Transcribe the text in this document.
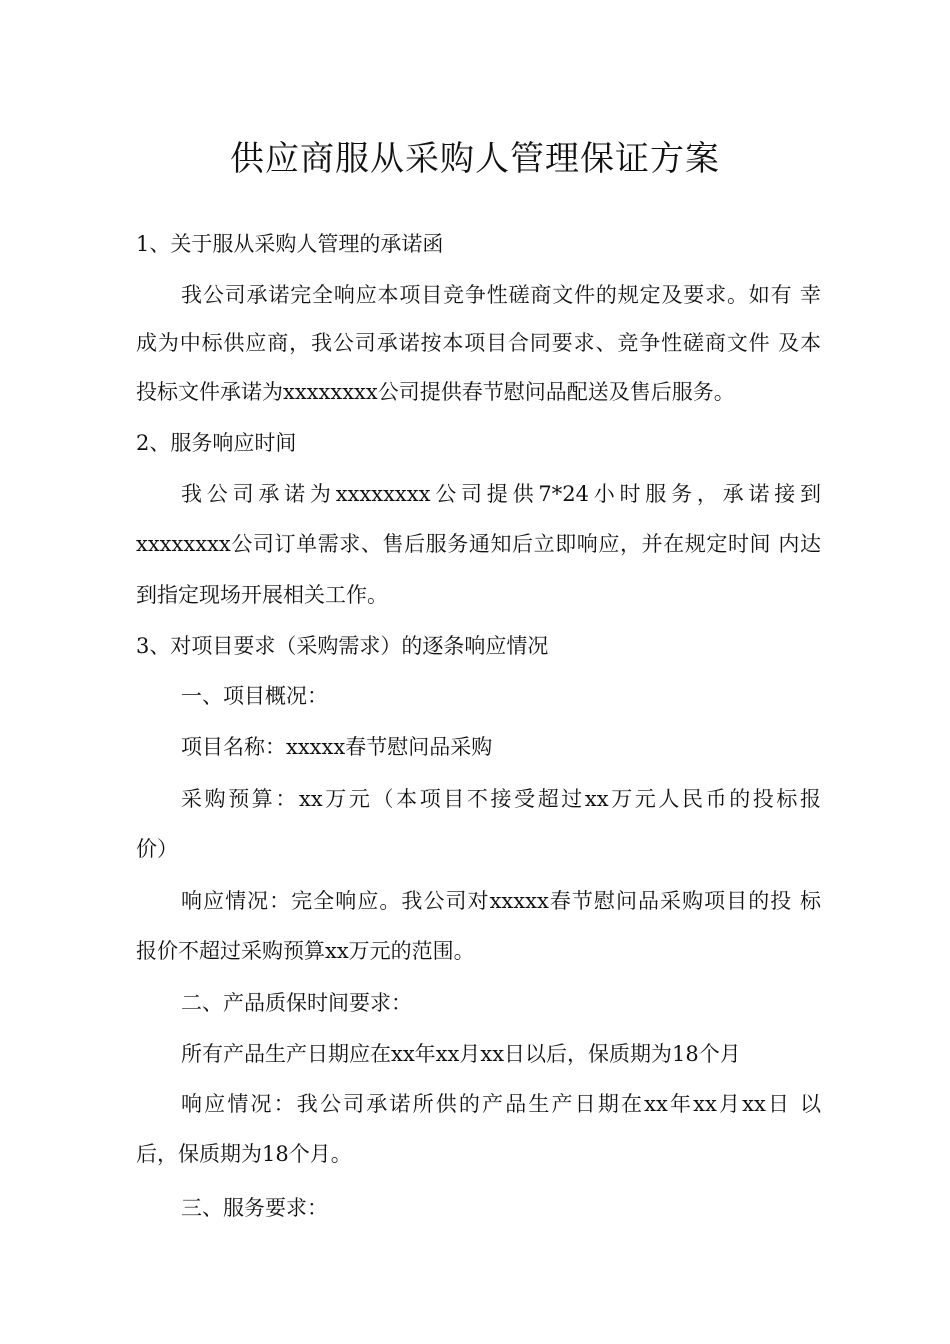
供应商服从采购人管理保证方案

1、关于服从采购人管理的承诺函

我公司承诺完全响应本项目竞争性磋商文件的规定及要求。如有 幸

成为中标供应商，我公司承诺按本项目合同要求、竞争性磋商文件 及本

投标文件承诺为xxxxxxxx公司提供春节慰问品配送及售后服务。

2、服务响应时间

我公司承诺为xxxxxxxx公司提供7*24小时服务，承诺接到

xxxxxxxx公司订单需求、售后服务通知后立即响应，并在规定时间 内达

到指定现场开展相关工作。

3、对项目要求（采购需求）的逐条响应情况

一、项目概况：

项目名称：xxxxx春节慰问品采购

采购预算：xx万元（本项目不接受超过xx万元人民币的投标报

价）

响应情况：完全响应。我公司对xxxxx春节慰问品采购项目的投 标

报价不超过采购预算xx万元的范围。

二、产品质保时间要求：

所有产品生产日期应在xx年xx月xx日以后，保质期为18个月

响应情况：我公司承诺所供的产品生产日期在xx年xx月xx日 以

后，保质期为18个月。

三、服务要求：
